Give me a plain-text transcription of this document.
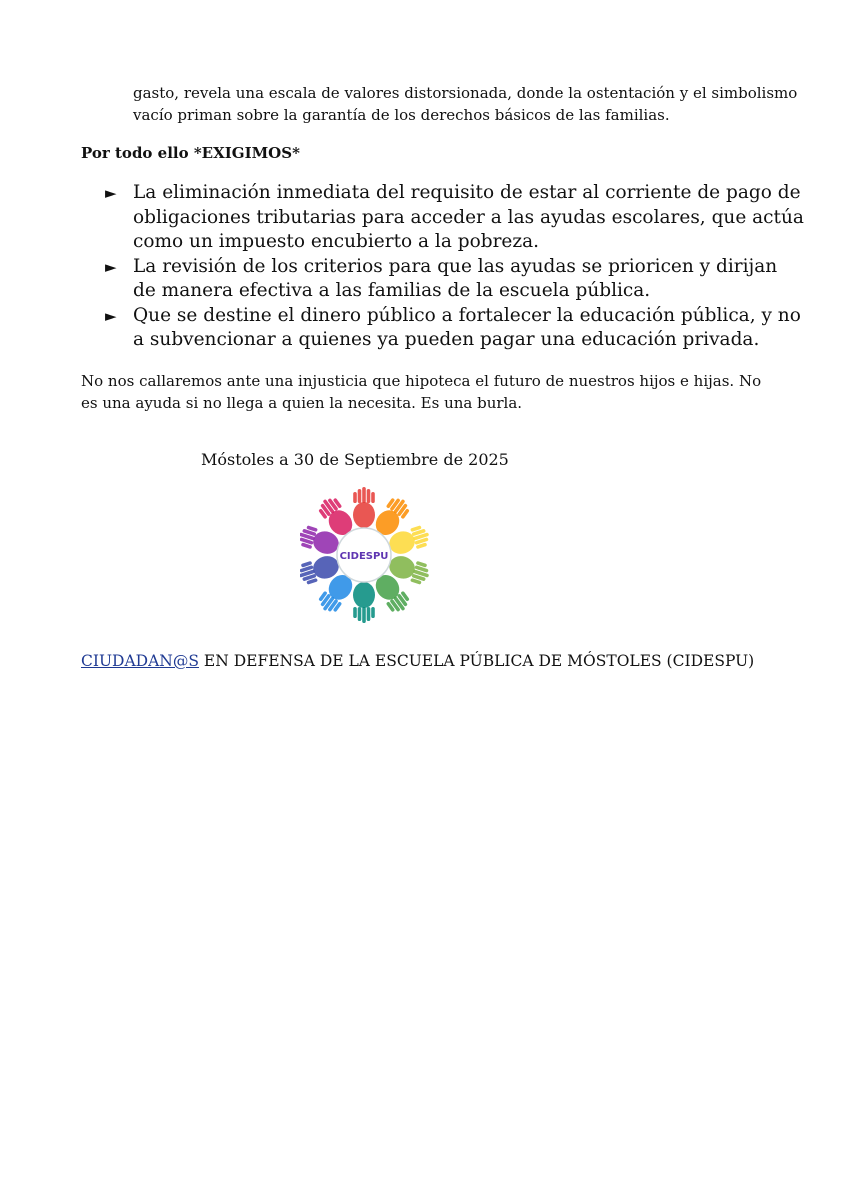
gasto, revela una escala de valores distorsionada, donde la ostentación y el simbolismo vacío priman sobre la garantía de los derechos básicos de las familias.

Por todo ello *EXIGIMOS*

► La eliminación inmediata del requisito de estar al corriente de pago de obligaciones tributarias para acceder a las ayudas escolares, que actúa como un impuesto encubierto a la pobreza.
► La revisión de los criterios para que las ayudas se prioricen y dirijan de manera efectiva a las familias de la escuela pública.
► Que se destine el dinero público a fortalecer la educación pública, y no a subvencionar a quienes ya pueden pagar una educación privada.

No nos callaremos ante una injusticia que hipoteca el futuro de nuestros hijos e hijas. No es una ayuda si no llega a quien la necesita. Es una burla.

Móstoles a 30 de Septiembre de 2025

CIDESPU

CIUDADAN@S EN DEFENSA DE LA ESCUELA PÚBLICA DE MÓSTOLES (CIDESPU)
